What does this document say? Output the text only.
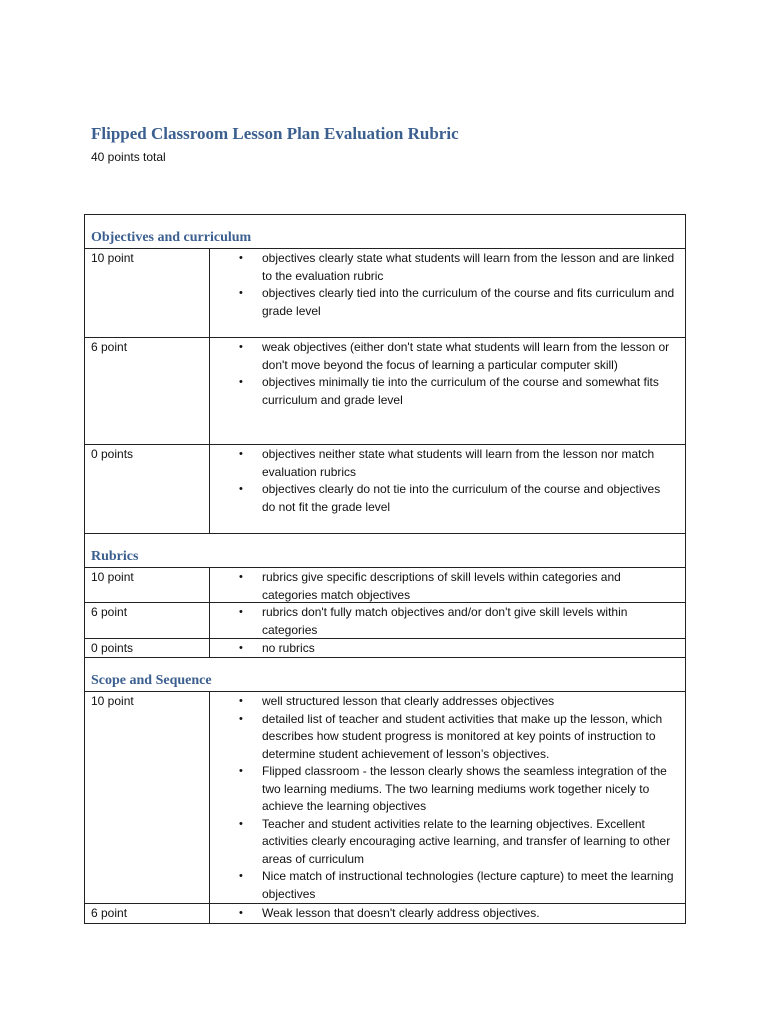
Flipped Classroom Lesson Plan Evaluation Rubric

40 points total

Objectives and curriculum
10 point	• objectives clearly state what students will learn from the lesson and are linked to the evaluation rubric
• objectives clearly tied into the curriculum of the course and fits curriculum and grade level
6 point	• weak objectives (either don't state what students will learn from the lesson or don't move beyond the focus of learning a particular computer skill)
• objectives minimally tie into the curriculum of the course and somewhat fits curriculum and grade level
0 points	• objectives neither state what students will learn from the lesson nor match evaluation rubrics
• objectives clearly do not tie into the curriculum of the course and objectives do not fit the grade level
Rubrics
10 point	• rubrics give specific descriptions of skill levels within categories and categories match objectives
6 point	• rubrics don't fully match objectives and/or don't give skill levels within categories
0 points	• no rubrics
Scope and Sequence
10 point	• well structured lesson that clearly addresses objectives
• detailed list of teacher and student activities that make up the lesson, which describes how student progress is monitored at key points of instruction to determine student achievement of lesson’s objectives.
• Flipped classroom - the lesson clearly shows the seamless integration of the two learning mediums. The two learning mediums work together nicely to achieve the learning objectives
• Teacher and student activities relate to the learning objectives. Excellent activities clearly encouraging active learning, and transfer of learning to other areas of curriculum
• Nice match of instructional technologies (lecture capture) to meet the learning objectives
6 point	• Weak lesson that doesn't clearly address objectives.
